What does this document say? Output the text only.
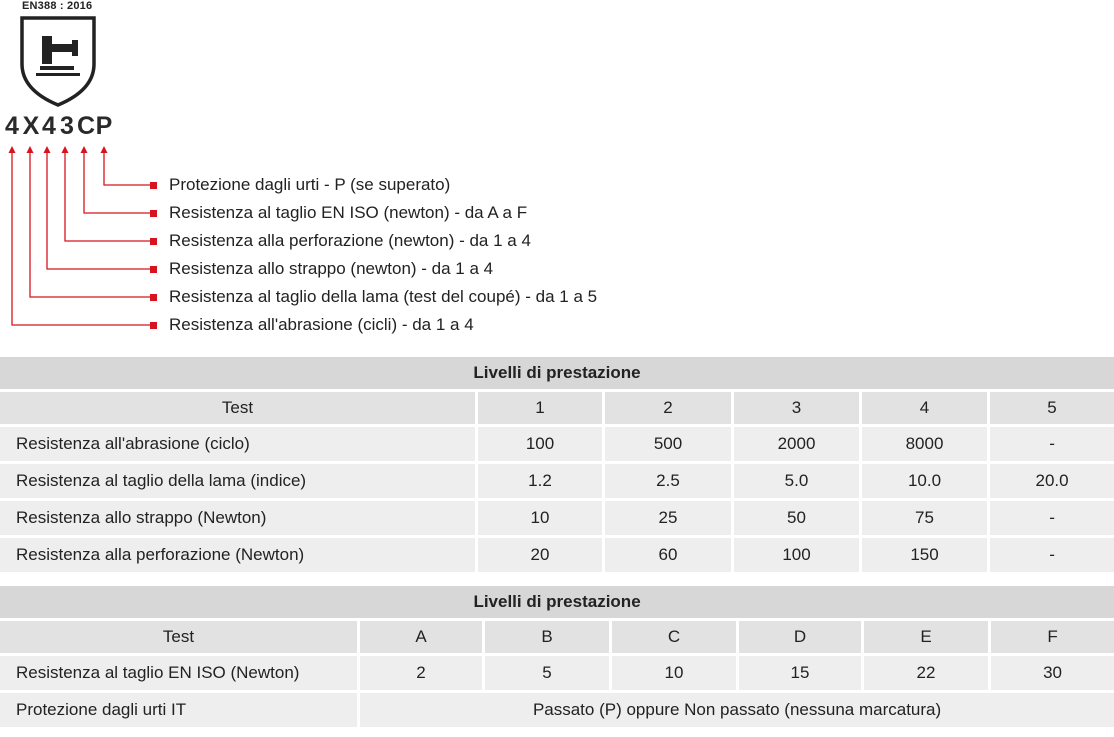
EN388 : 2016
4 X 4 3 C P
Protezione dagli urti - P (se superato)
Resistenza al taglio EN ISO (newton) - da A a F
Resistenza alla perforazione (newton) - da 1 a 4
Resistenza allo strappo (newton) - da 1 a 4
Resistenza al taglio della lama (test del coupé) - da 1 a 5
Resistenza all'abrasione (cicli) - da 1 a 4
Livelli di prestazione					
Test	1	2	3	4	5
Resistenza all'abrasione (ciclo)	100	500	2000	8000	-
Resistenza al taglio della lama (indice)	1.2	2.5	5.0	10.0	20.0
Resistenza allo strappo (Newton)	10	25	50	75	-
Resistenza alla perforazione (Newton)	20	60	100	150	-
Livelli di prestazione						
Test	A	B	C	D	E	F
Resistenza al taglio EN ISO (Newton)	2	5	10	15	22	30
Protezione dagli urti IT	Passato (P) oppure Non passato (nessuna marcatura)					
